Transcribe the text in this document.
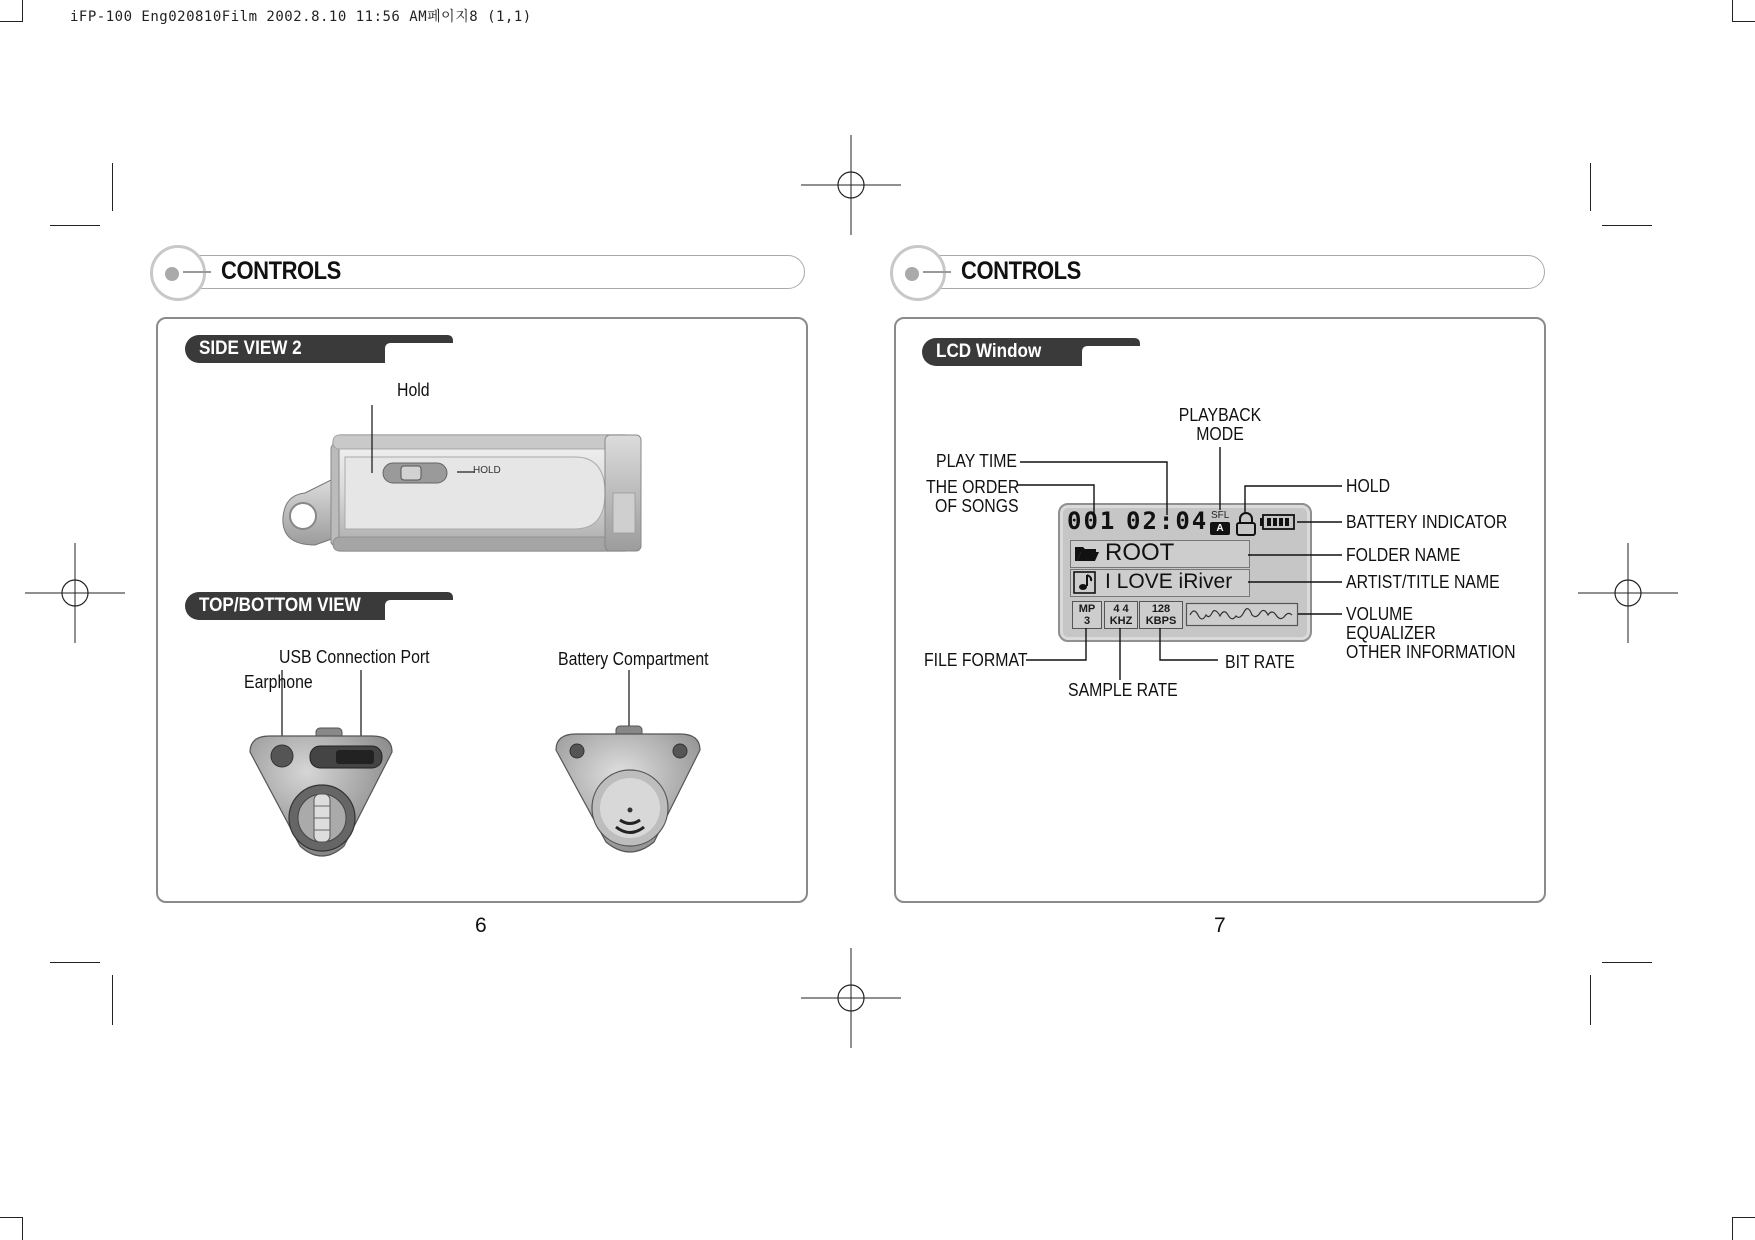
iFP-100 Eng020810Film 2002.8.10 11:56 AM페이지8 (1,1)
CONTROLS
SIDE VIEW 2
Hold
HOLD
TOP/BOTTOM VIEW
USB Connection Port
Earphone
Battery Compartment
6
CONTROLS
LCD Window
001 02:04 SFL
A
ROOT
I LOVE iRiver
MP
3
4 4
KHZ
128
KBPS
PLAYBACK
MODE
PLAY TIME
THE ORDER
OF SONGS
HOLD
BATTERY INDICATOR
FOLDER NAME
ARTIST/TITLE NAME
VOLUME
EQUALIZER
OTHER INFORMATION
FILE FORMAT
SAMPLE RATE
BIT RATE
7
